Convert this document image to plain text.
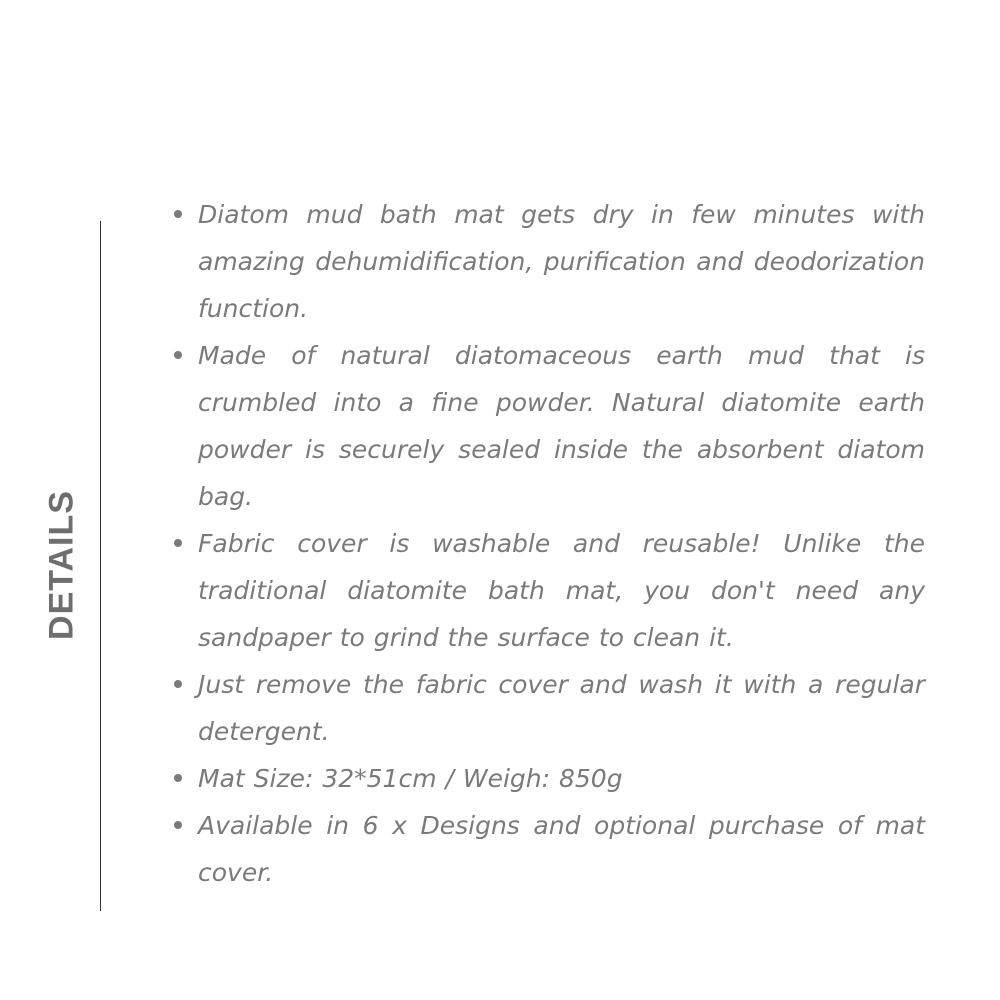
DETAILS
Diatom mud bath mat gets dry in few minutes with amazing dehumidification, purification and deodorization function.
Made of natural diatomaceous earth mud that is crumbled into a fine powder. Natural diatomite earth powder is securely sealed inside the absorbent diatom bag.
Fabric cover is washable and reusable! Unlike the traditional diatomite bath mat, you don't need any sandpaper to grind the surface to clean it.
Just remove the fabric cover and wash it with a regular detergent.
Mat Size: 32*51cm / Weigh: 850g
Available in 6 x Designs and optional purchase of mat cover.
